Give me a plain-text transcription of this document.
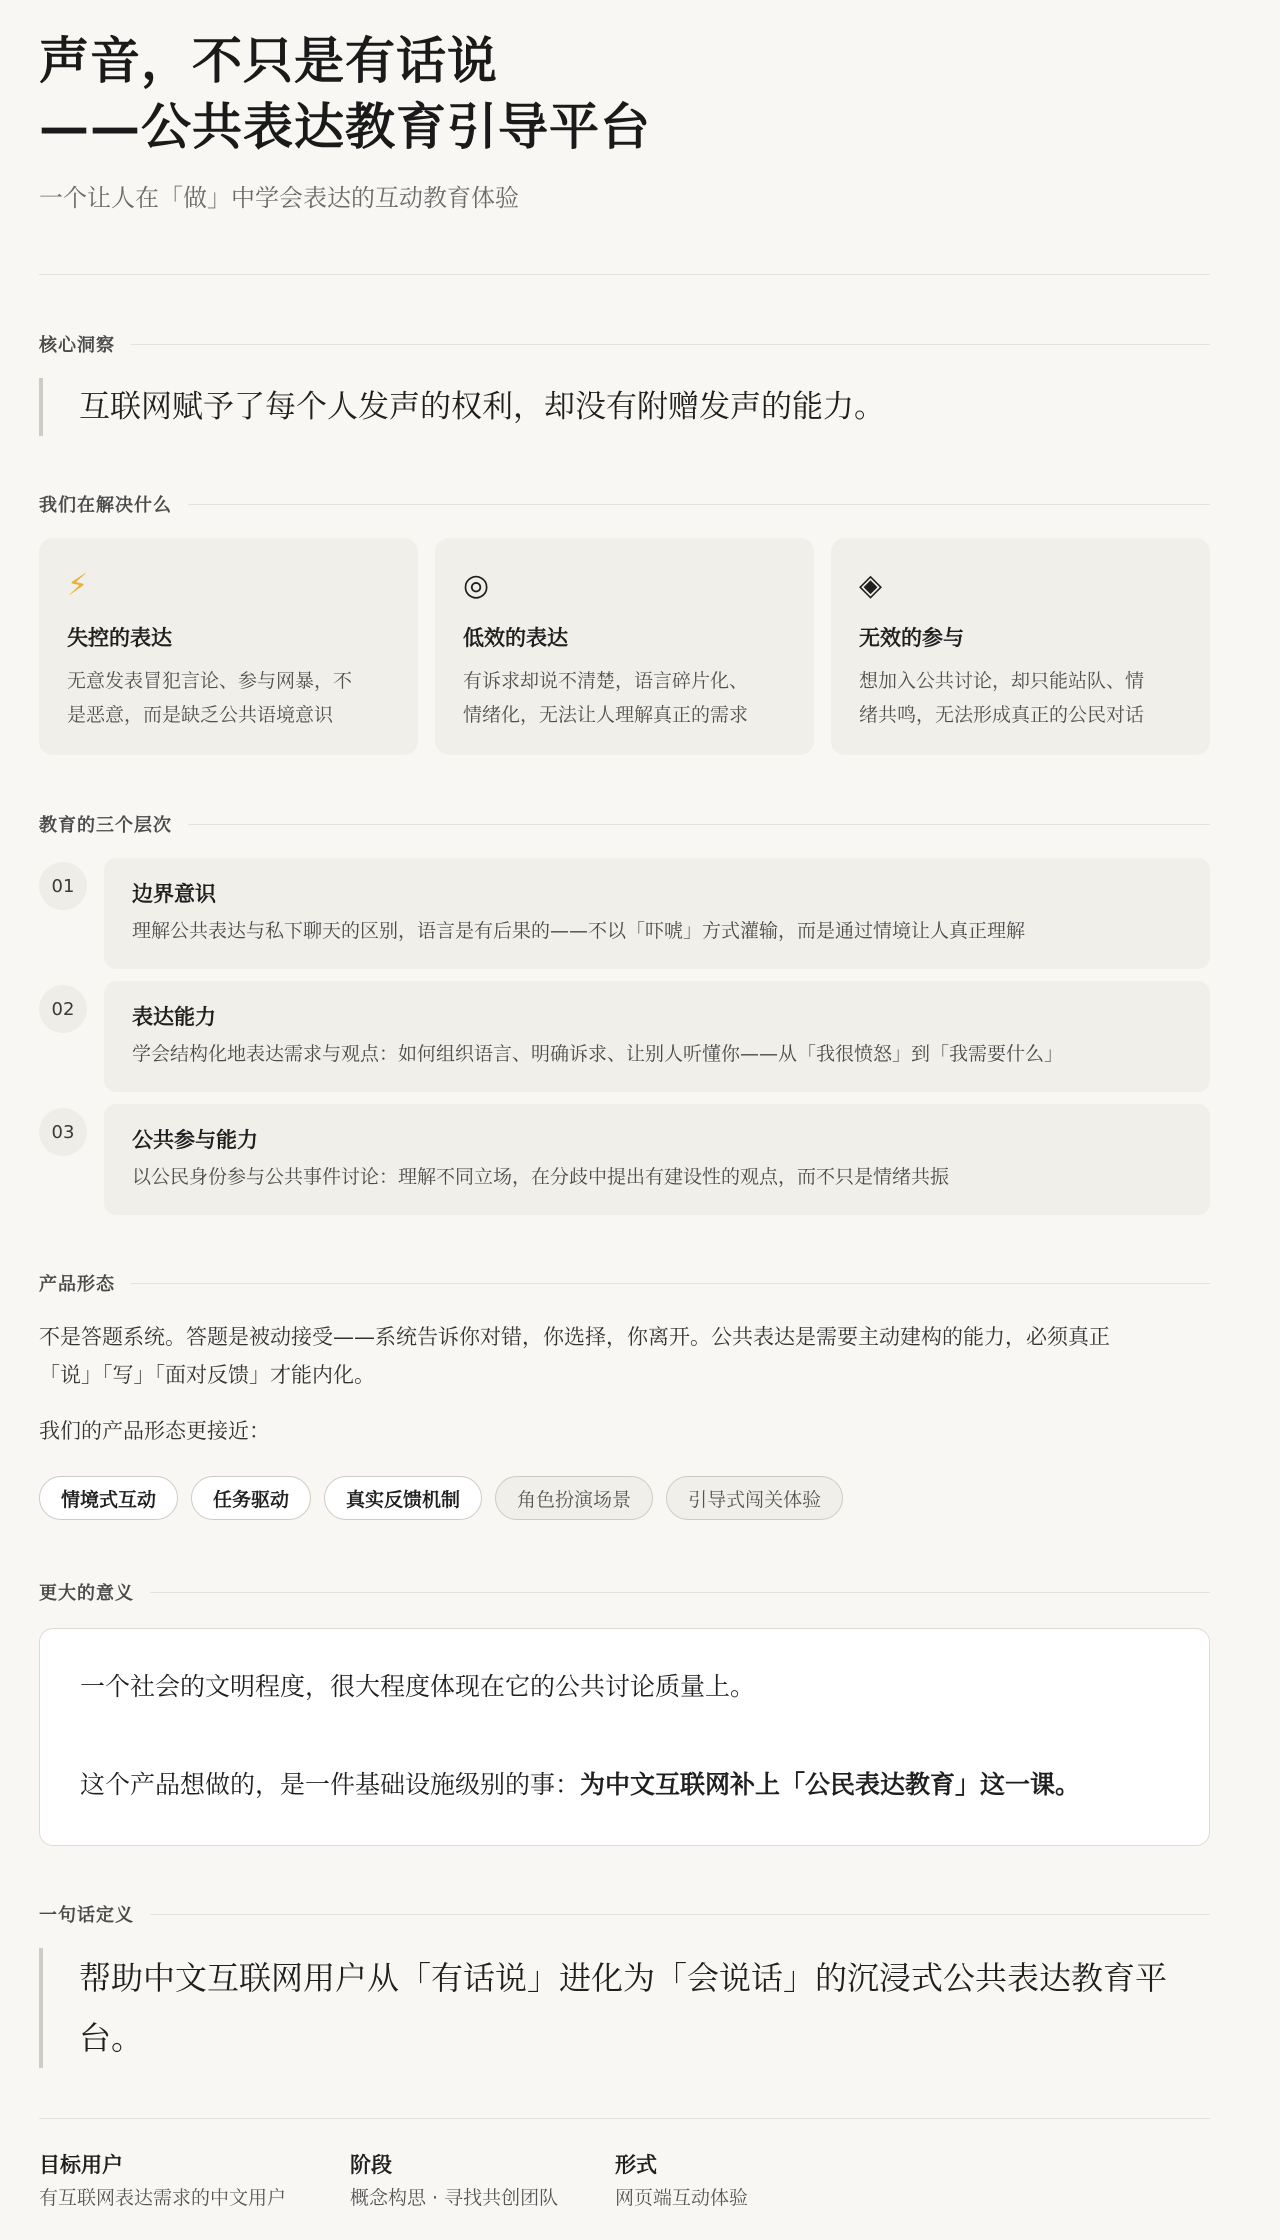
声音，不只是有话说
——公共表达教育引导平台

一个让人在「做」中学会表达的互动教育体验

核心洞察

互联网赋予了每个人发声的权利，却没有附赠发声的能力。

我们在解决什么
⚡
失控的表达

无意发表冒犯言论、参与网暴，不
是恶意，而是缺乏公共语境意识

◎
低效的表达

有诉求却说不清楚，语言碎片化、
情绪化，无法让人理解真正的需求

◈
无效的参与

想加入公共讨论，却只能站队、情
绪共鸣，无法形成真正的公民对话

教育的三个层次
01	边界意识

理解公共表达与私下聊天的区别，语言是有后果的——不以「吓唬」方式灌输，而是通过情境让人真正理解

02	表达能力

学会结构化地表达需求与观点：如何组织语言、明确诉求、让别人听懂你——从「我很愤怒」到「我需要什么」

03	公共参与能力

以公民身份参与公共事件讨论：理解不同立场，在分歧中提出有建设性的观点，而不只是情绪共振

产品形态

不是答题系统。答题是被动接受——系统告诉你对错，你选择，你离开。公共表达是需要主动建构的能力，必须真正
「说」「写」「面对反馈」才能内化。

我们的产品形态更接近：

情境式互动	任务驱动	真实反馈机制	角色扮演场景	引导式闯关体验
更大的意义

一个社会的文明程度，很大程度体现在它的公共讨论质量上。

这个产品想做的，是一件基础设施级别的事：为中文互联网补上「公民表达教育」这一课。

一句话定义

帮助中文互联网用户从「有话说」进化为「会说话」的沉浸式公共表达教育平
台。

目标用户
有互联网表达需求的中文用户
阶段
概念构思 · 寻找共创团队
形式
网页端互动体验
